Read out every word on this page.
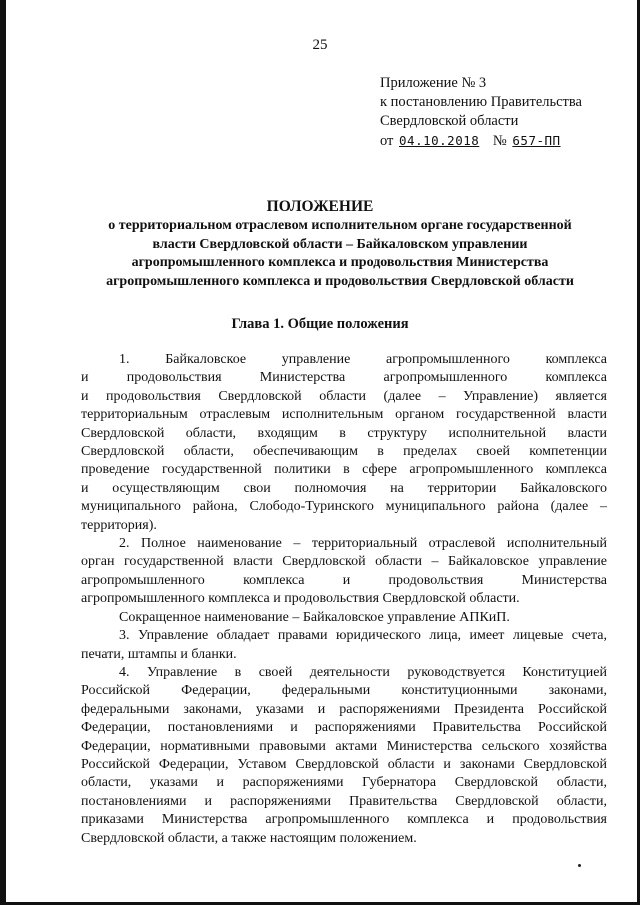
25
Приложение № 3
к постановлению Правительства
Свердловской области
от 04.10.2018 № 657-ПП
ПОЛОЖЕНИЕ
о территориальном отраслевом исполнительном органе государственной
власти Свердловской области – Байкаловском управлении
агропромышленного комплекса и продовольствия Министерства
агропромышленного комплекса и продовольствия Свердловской области
Глава 1. Общие положения

1. Байкаловское управление агропромышленного комплекса
и продовольствия Министерства агропромышленного комплекса
и продовольствия Свердловской области (далее – Управление) является
территориальным отраслевым исполнительным органом государственной власти
Свердловской области, входящим в структуру исполнительной власти
Свердловской области, обеспечивающим в пределах своей компетенции
проведение государственной политики в сфере агропромышленного комплекса
и осуществляющим свои полномочия на территории Байкаловского
муниципального района, Слободо-Туринского муниципального района (далее –
территория).

2. Полное наименование – территориальный отраслевой исполнительный
орган государственной власти Свердловской области – Байкаловское управление
агропромышленного комплекса и продовольствия Министерства
агропромышленного комплекса и продовольствия Свердловской области.

Сокращенное наименование – Байкаловское управление АПКиП.

3. Управление обладает правами юридического лица, имеет лицевые счета,
печати, штампы и бланки.

4. Управление в своей деятельности руководствуется Конституцией
Российской Федерации, федеральными конституционными законами,
федеральными законами, указами и распоряжениями Президента Российской
Федерации, постановлениями и распоряжениями Правительства Российской
Федерации, нормативными правовыми актами Министерства сельского хозяйства
Российской Федерации, Уставом Свердловской области и законами Свердловской
области, указами и распоряжениями Губернатора Свердловской области,
постановлениями и распоряжениями Правительства Свердловской области,
приказами Министерства агропромышленного комплекса и продовольствия
Свердловской области, а также настоящим положением.
